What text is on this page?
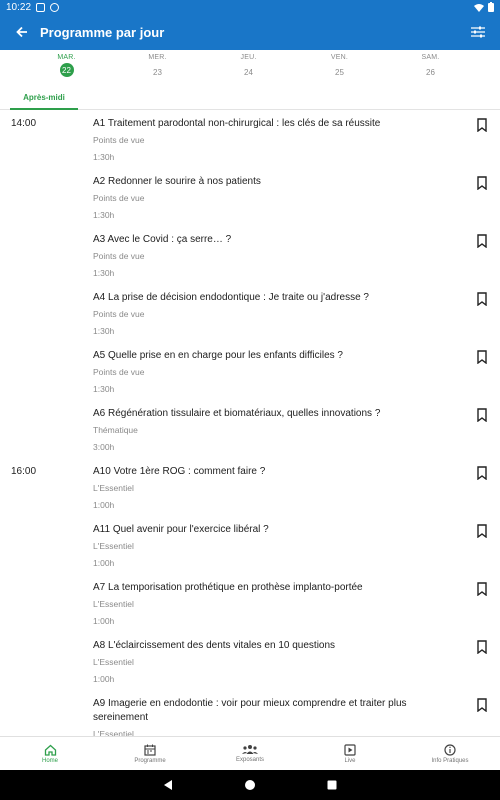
10:22
Programme par jour
MAR.
22
MER.
23
JEU.
24
VEN.
25
SAM.
26
Après-midi
14:00	A1 Traitement parodontal non-chirurgical : les clés de sa réussite
Points de vue
1:30h
A2 Redonner le sourire à nos patients
Points de vue
1:30h
A3 Avec le Covid : ça serre… ?
Points de vue
1:30h
A4 La prise de décision endodontique : Je traite ou j'adresse ?
Points de vue
1:30h
A5 Quelle prise en en charge pour les enfants difficiles ?
Points de vue
1:30h
A6 Régénération tissulaire et biomatériaux, quelles innovations ?
Thématique
3:00h
16:00	A10 Votre 1ère ROG : comment faire ?
L'Essentiel
1:00h
A11 Quel avenir pour l'exercice libéral ?
L'Essentiel
1:00h
A7 La temporisation prothétique en prothèse implanto-portée
L'Essentiel
1:00h
A8 L'éclaircissement des dents vitales en 10 questions
L'Essentiel
1:00h
A9 Imagerie en endodontie : voir pour mieux comprendre et traiter plus sereinement
L'Essentiel
Home	Programme	Exposants	Live	Info Pratiques
